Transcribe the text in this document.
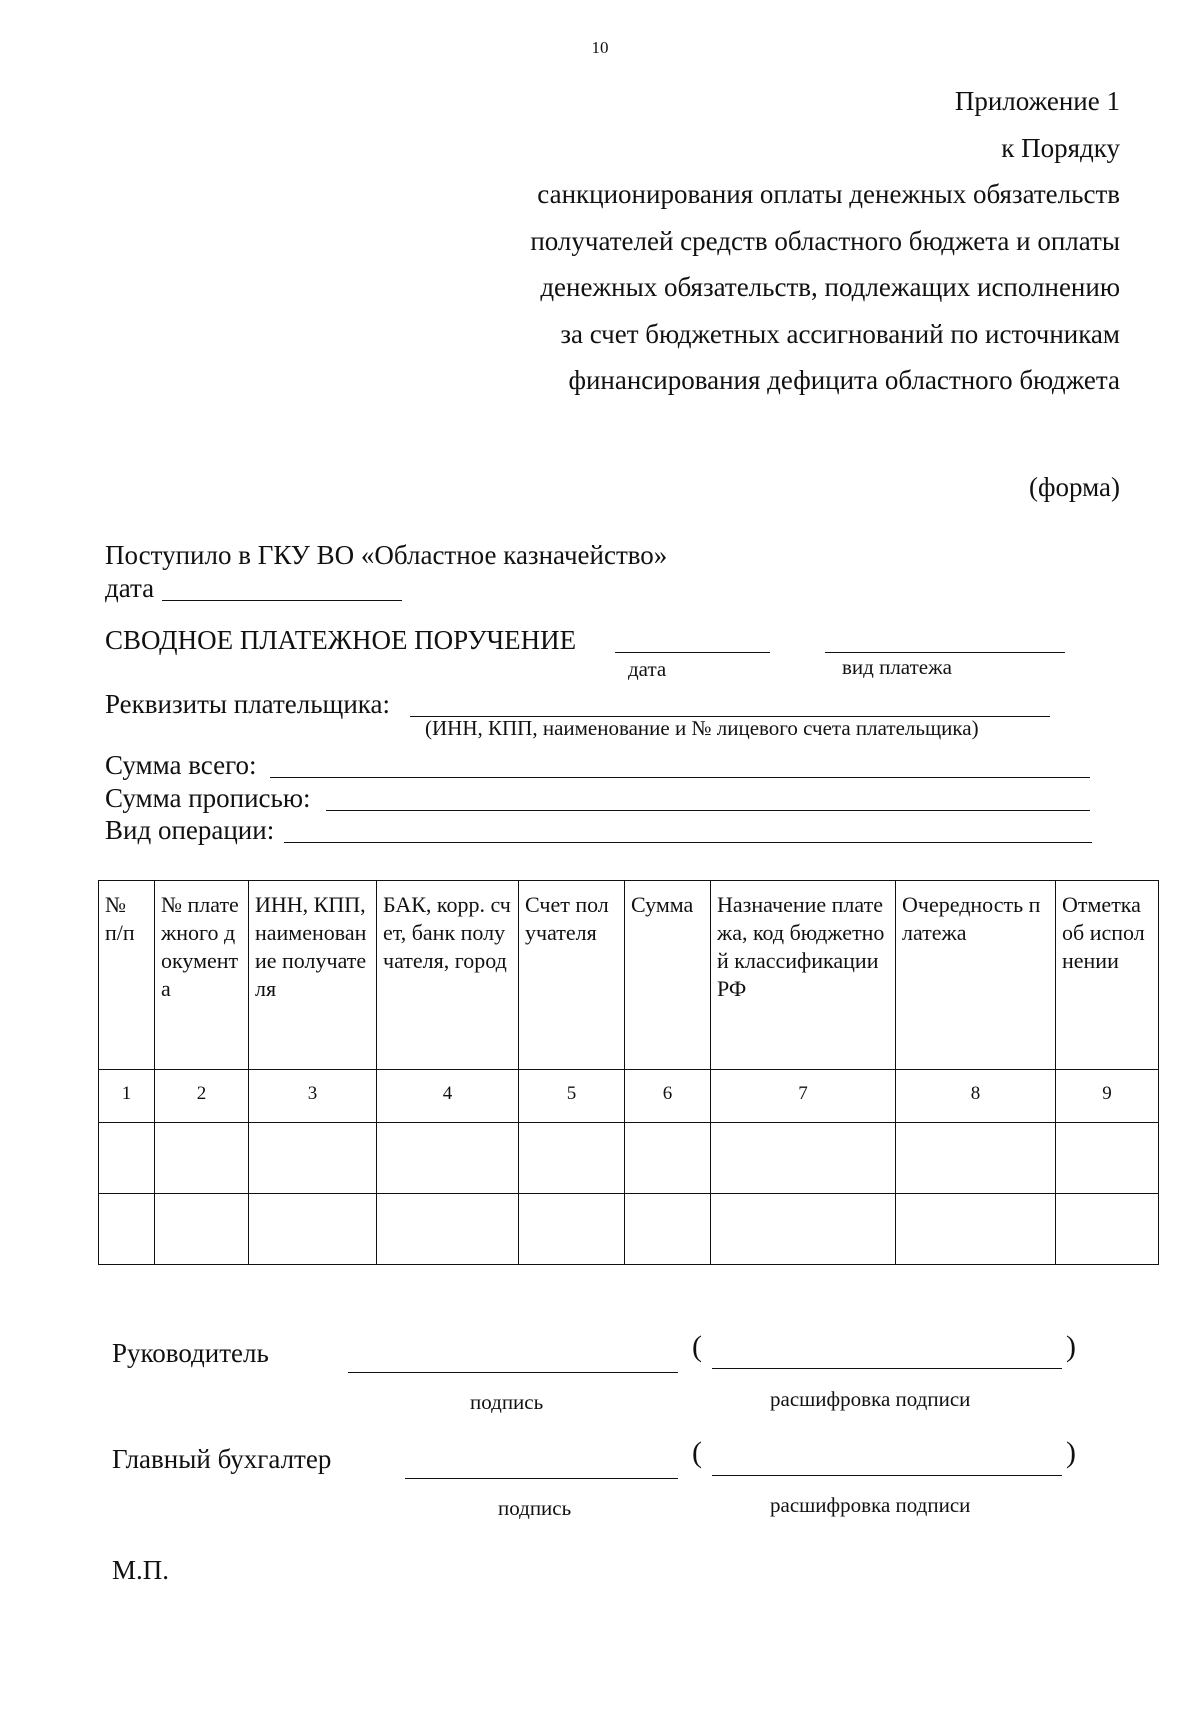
10
Приложение 1
к Порядку
санкционирования оплаты денежных обязательств
получателей средств областного бюджета и оплаты
денежных обязательств, подлежащих исполнению
за счет бюджетных ассигнований по источникам
финансирования дефицита областного бюджета
(форма)
Поступило в ГКУ ВО «Областное казначейство»
дата
СВОДНОЕ ПЛАТЕЖНОЕ ПОРУЧЕНИЕ
дата	вид платежа
Реквизиты плательщика:
(ИНН, КПП, наименование и № лицевого счета плательщика)
Сумма всего:
Сумма прописью:
Вид операции:
№ п/п	№ платежного документа	ИНН, КПП, наименование получателя	БАК, корр. счет, банк получателя, город	Счет получателя	Сумма	Назначение платежа, код бюджетной классификации РФ	Очередность платежа	Отметка об исполнении
1	2	3	4	5	6	7	8	9

Руководитель	(	)
подпись	расшифровка подписи
Главный бухгалтер	(	)
подпись	расшифровка подписи
М.П.
